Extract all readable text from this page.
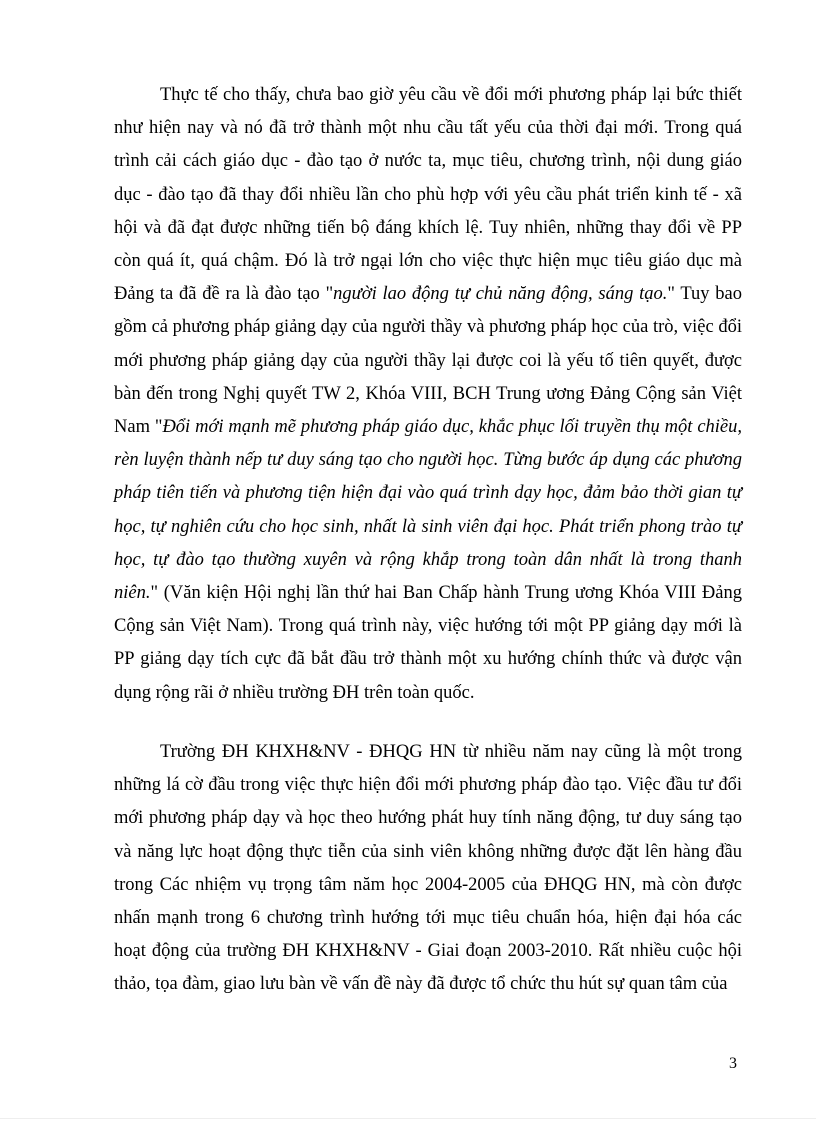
Thực tế cho thấy, chưa bao giờ yêu cầu về đổi mới phương pháp lại bức thiết như hiện nay và nó đã trở thành một nhu cầu tất yếu của thời đại mới. Trong quá trình cải cách giáo dục - đào tạo ở nước ta, mục tiêu, chương trình, nội dung giáo dục - đào tạo đã thay đổi nhiều lần cho phù hợp với yêu cầu phát triển kinh tế - xã hội và đã đạt được những tiến bộ đáng khích lệ. Tuy nhiên, những thay đổi về PP còn quá ít, quá chậm. Đó là trở ngại lớn cho việc thực hiện mục tiêu giáo dục mà Đảng ta đã đề ra là đào tạo "người lao động tự chủ năng động, sáng tạo." Tuy bao gồm cả phương pháp giảng dạy của người thầy và phương pháp học của trò, việc đổi mới phương pháp giảng dạy của người thầy lại được coi là yếu tố tiên quyết, được bàn đến trong Nghị quyết TW 2, Khóa VIII, BCH Trung ương Đảng Cộng sản Việt Nam "Đổi mới mạnh mẽ phương pháp giáo dục, khắc phục lối truyền thụ một chiều, rèn luyện thành nếp tư duy sáng tạo cho người học. Từng bước áp dụng các phương pháp tiên tiến và phương tiện hiện đại vào quá trình dạy học, đảm bảo thời gian tự học, tự nghiên cứu cho học sinh, nhất là sinh viên đại học. Phát triển phong trào tự học, tự đào tạo thường xuyên và rộng khắp trong toàn dân nhất là trong thanh niên." (Văn kiện Hội nghị lần thứ hai Ban Chấp hành Trung ương Khóa VIII Đảng Cộng sản Việt Nam). Trong quá trình này, việc hướng tới một PP giảng dạy mới là PP giảng dạy tích cực đã bắt đầu trở thành một xu hướng chính thức và được vận dụng rộng rãi ở nhiều trường ĐH trên toàn quốc.

Trường ĐH KHXH&NV - ĐHQG HN từ nhiều năm nay cũng là một trong những lá cờ đầu trong việc thực hiện đổi mới phương pháp đào tạo. Việc đầu tư đổi mới phương pháp dạy và học theo hướng phát huy tính năng động, tư duy sáng tạo và năng lực hoạt động thực tiễn của sinh viên không những được đặt lên hàng đầu trong Các nhiệm vụ trọng tâm năm học 2004-2005 của ĐHQG HN, mà còn được nhấn mạnh trong 6 chương trình hướng tới mục tiêu chuẩn hóa, hiện đại hóa các hoạt động của trường ĐH KHXH&NV - Giai đoạn 2003-2010. Rất nhiều cuộc hội thảo, tọa đàm, giao lưu bàn về vấn đề này đã được tổ chức thu hút sự quan tâm của

3
